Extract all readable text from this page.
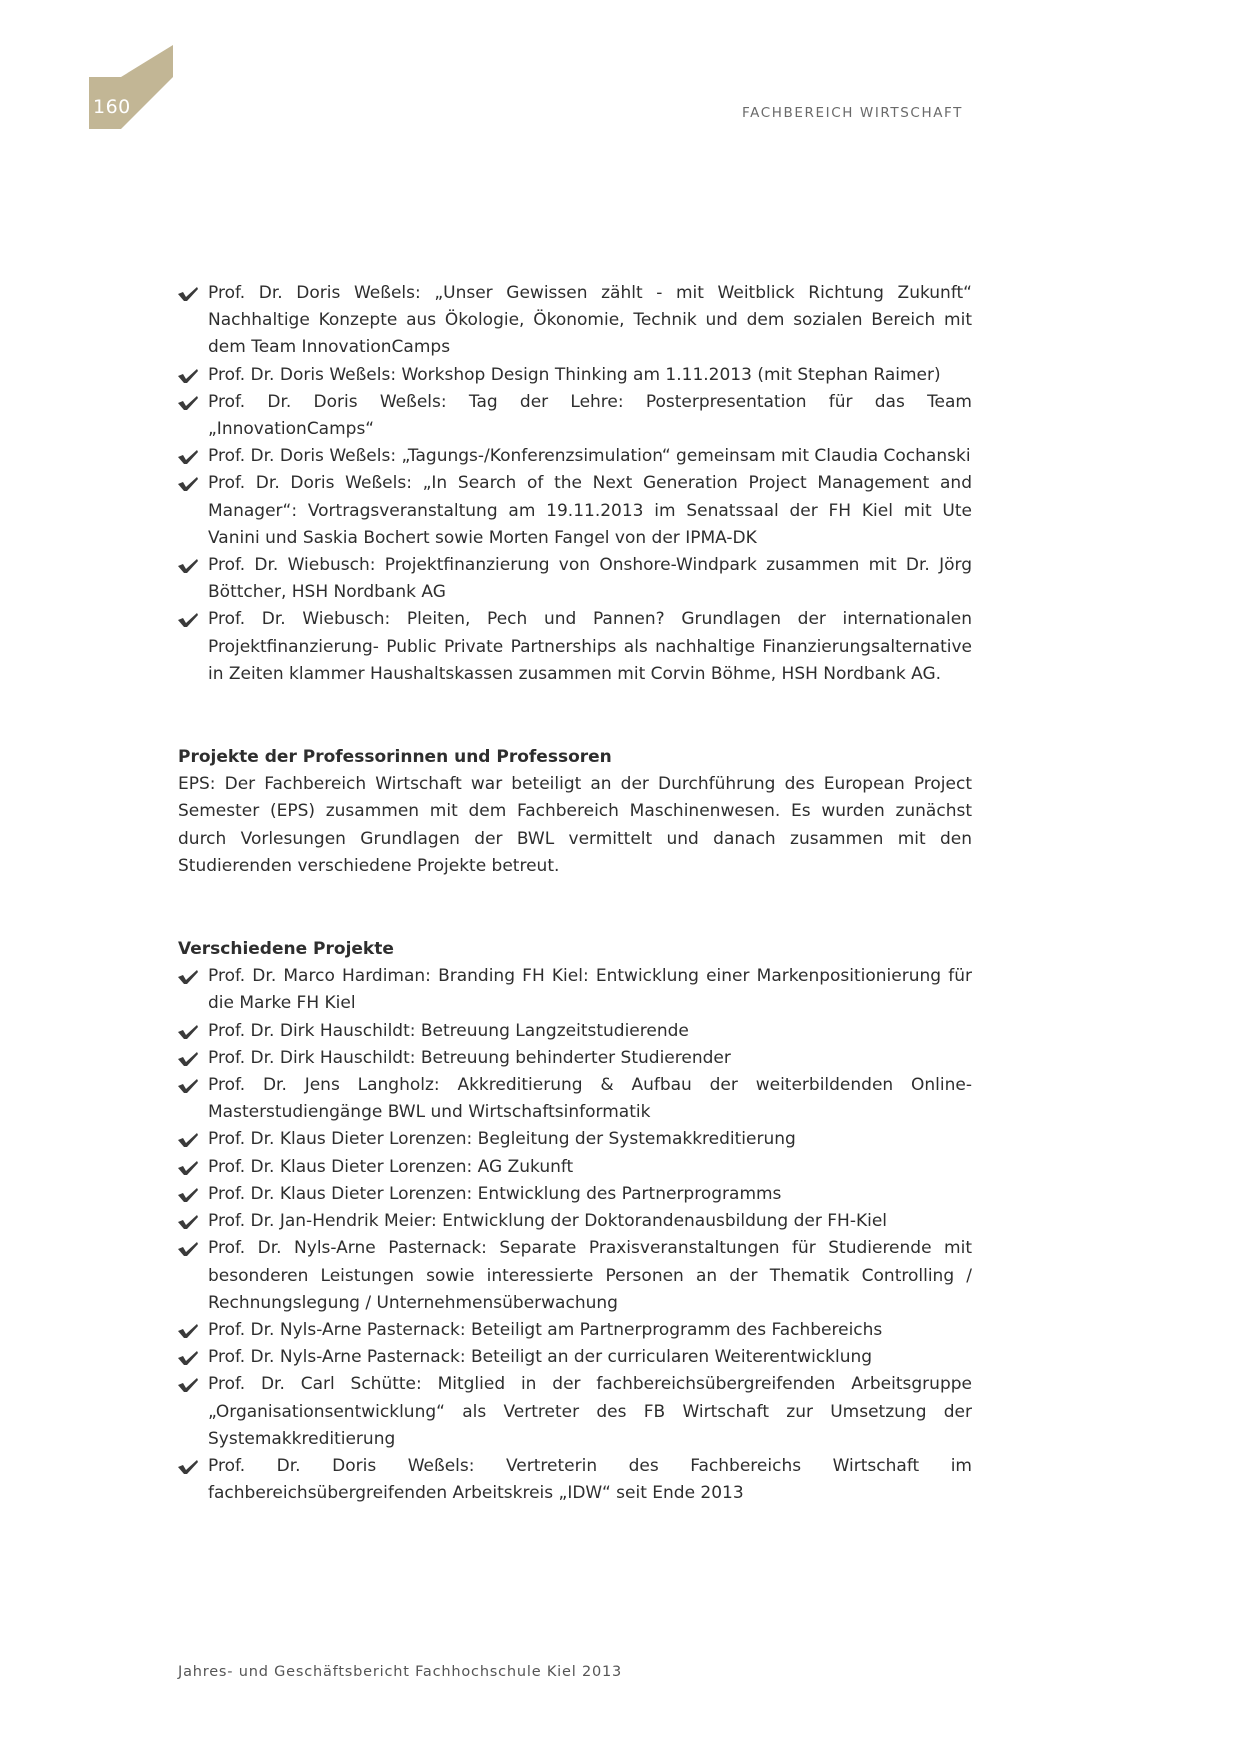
160	FACHBEREICH WIRTSCHAFT
Prof. Dr. Doris Weßels: „Unser Gewissen zählt - mit Weitblick Richtung Zukunft“ Nachhaltige Konzepte aus Ökologie, Ökonomie, Technik und dem sozialen Bereich mit dem Team InnovationCamps
Prof. Dr. Doris Weßels: Workshop Design Thinking am 1.11.2013 (mit Stephan Raimer)
Prof. Dr. Doris Weßels: Tag der Lehre: Posterpresentation für das Team „InnovationCamps“
Prof. Dr. Doris Weßels: „Tagungs-/Konferenzsimulation“ gemeinsam mit Claudia Cochanski
Prof. Dr. Doris Weßels: „In Search of the Next Generation Project Management and Manager“: Vortragsveranstaltung am 19.11.2013 im Senatssaal der FH Kiel mit Ute Vanini und Saskia Bochert sowie Morten Fangel von der IPMA-DK
Prof. Dr. Wiebusch: Projektfinanzierung von Onshore-Windpark zusammen mit Dr. Jörg Böttcher, HSH Nordbank AG
Prof. Dr. Wiebusch: Pleiten, Pech und Pannen? Grundlagen der internationalen Projektfinanzierung- Public Private Partnerships als nachhaltige Finanzierungsalternative in Zeiten klammer Haushaltskassen zusammen mit Corvin Böhme, HSH Nordbank AG.

Projekte der Professorinnen und Professoren

EPS: Der Fachbereich Wirtschaft war beteiligt an der Durchführung des European Project Semester (EPS) zusammen mit dem Fachbereich Maschinenwesen. Es wurden zunächst durch Vorlesungen Grundlagen der BWL vermittelt und danach zusammen mit den Studierenden verschiedene Projekte betreut.

Verschiedene Projekte

Prof. Dr. Marco Hardiman: Branding FH Kiel: Entwicklung einer Markenpositionierung für die Marke FH Kiel
Prof. Dr. Dirk Hauschildt: Betreuung Langzeitstudierende
Prof. Dr. Dirk Hauschildt: Betreuung behinderter Studierender
Prof. Dr. Jens Langholz: Akkreditierung & Aufbau der weiterbildenden Online-Masterstudiengänge BWL und Wirtschaftsinformatik
Prof. Dr. Klaus Dieter Lorenzen: Begleitung der Systemakkreditierung
Prof. Dr. Klaus Dieter Lorenzen: AG Zukunft
Prof. Dr. Klaus Dieter Lorenzen: Entwicklung des Partnerprogramms
Prof. Dr. Jan-Hendrik Meier: Entwicklung der Doktorandenausbildung der FH-Kiel
Prof. Dr. Nyls-Arne Pasternack: Separate Praxisveranstaltungen für Studierende mit besonderen Leistungen sowie interessierte Personen an der Thematik Controlling / Rechnungslegung / Unternehmensüberwachung
Prof. Dr. Nyls-Arne Pasternack: Beteiligt am Partnerprogramm des Fachbereichs
Prof. Dr. Nyls-Arne Pasternack: Beteiligt an der curricularen Weiterentwicklung
Prof. Dr. Carl Schütte: Mitglied in der fachbereichsübergreifenden Arbeitsgruppe „Organisationsentwicklung“ als Vertreter des FB Wirtschaft zur Umsetzung der Systemakkreditierung
Prof. Dr. Doris Weßels: Vertreterin des Fachbereichs Wirtschaft im fachbereichsübergreifenden Arbeitskreis „IDW“ seit Ende 2013
Jahres- und Geschäftsbericht Fachhochschule Kiel 2013
